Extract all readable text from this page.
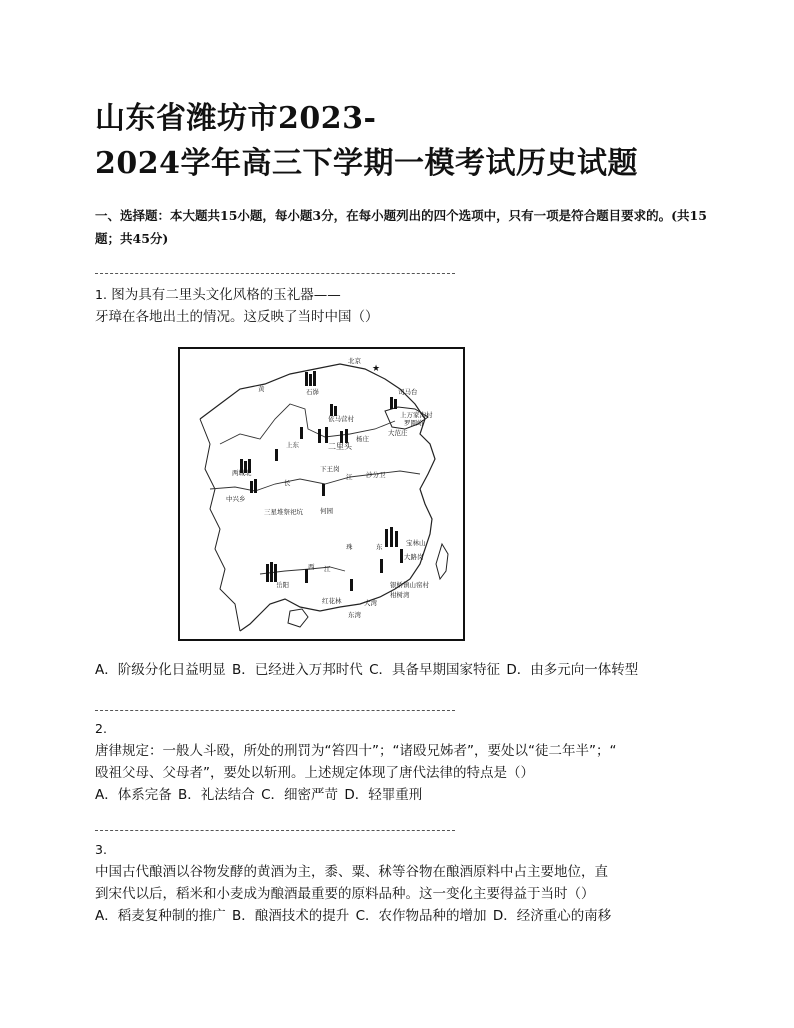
山东省潍坊市2023-
2024学年高三下学期一模考试历史试题
一、选择题：本大题共15小题，每小题3分，在每小题列出的四个选项中，只有一项是符合题目要求的。(共15题；共45分)
1. 图为具有二里头文化风格的玉礼器——
牙璋在各地出土的情况。这反映了当时中国（）
★
北京
黄	石峁
依马营村
司马台
上万家沟村
罗圈峪
大范庄
上东	二里头
杨庄
下王岗
江 沙分卫
长
两城北
中兴乡
三星堆祭祀坑	何园
西 江
珠	东	宝林山
大路岗
银桥镇山窑村
柑树湾
岳阳
红花林	大湾
东湾
A．阶级分化日益明显 B．已经进入万邦时代 C．具备早期国家特征 D．由多元向一体转型
2.
唐律规定：一般人斗殴，所处的刑罚为“笞四十”；“诸殴兄姊者”，要处以“徒二年半”；“
殴祖父母、父母者”，要处以斩刑。上述规定体现了唐代法律的特点是（）
A．体系完备 B．礼法结合 C．细密严苛 D．轻罪重刑
3.
中国古代酿酒以谷物发酵的黄酒为主，黍、粟、秫等谷物在酿酒原料中占主要地位，直
到宋代以后，稻米和小麦成为酿酒最重要的原料品种。这一变化主要得益于当时（）
A．稻麦复种制的推广 B．酿酒技术的提升 C．农作物品种的增加 D．经济重心的南移
